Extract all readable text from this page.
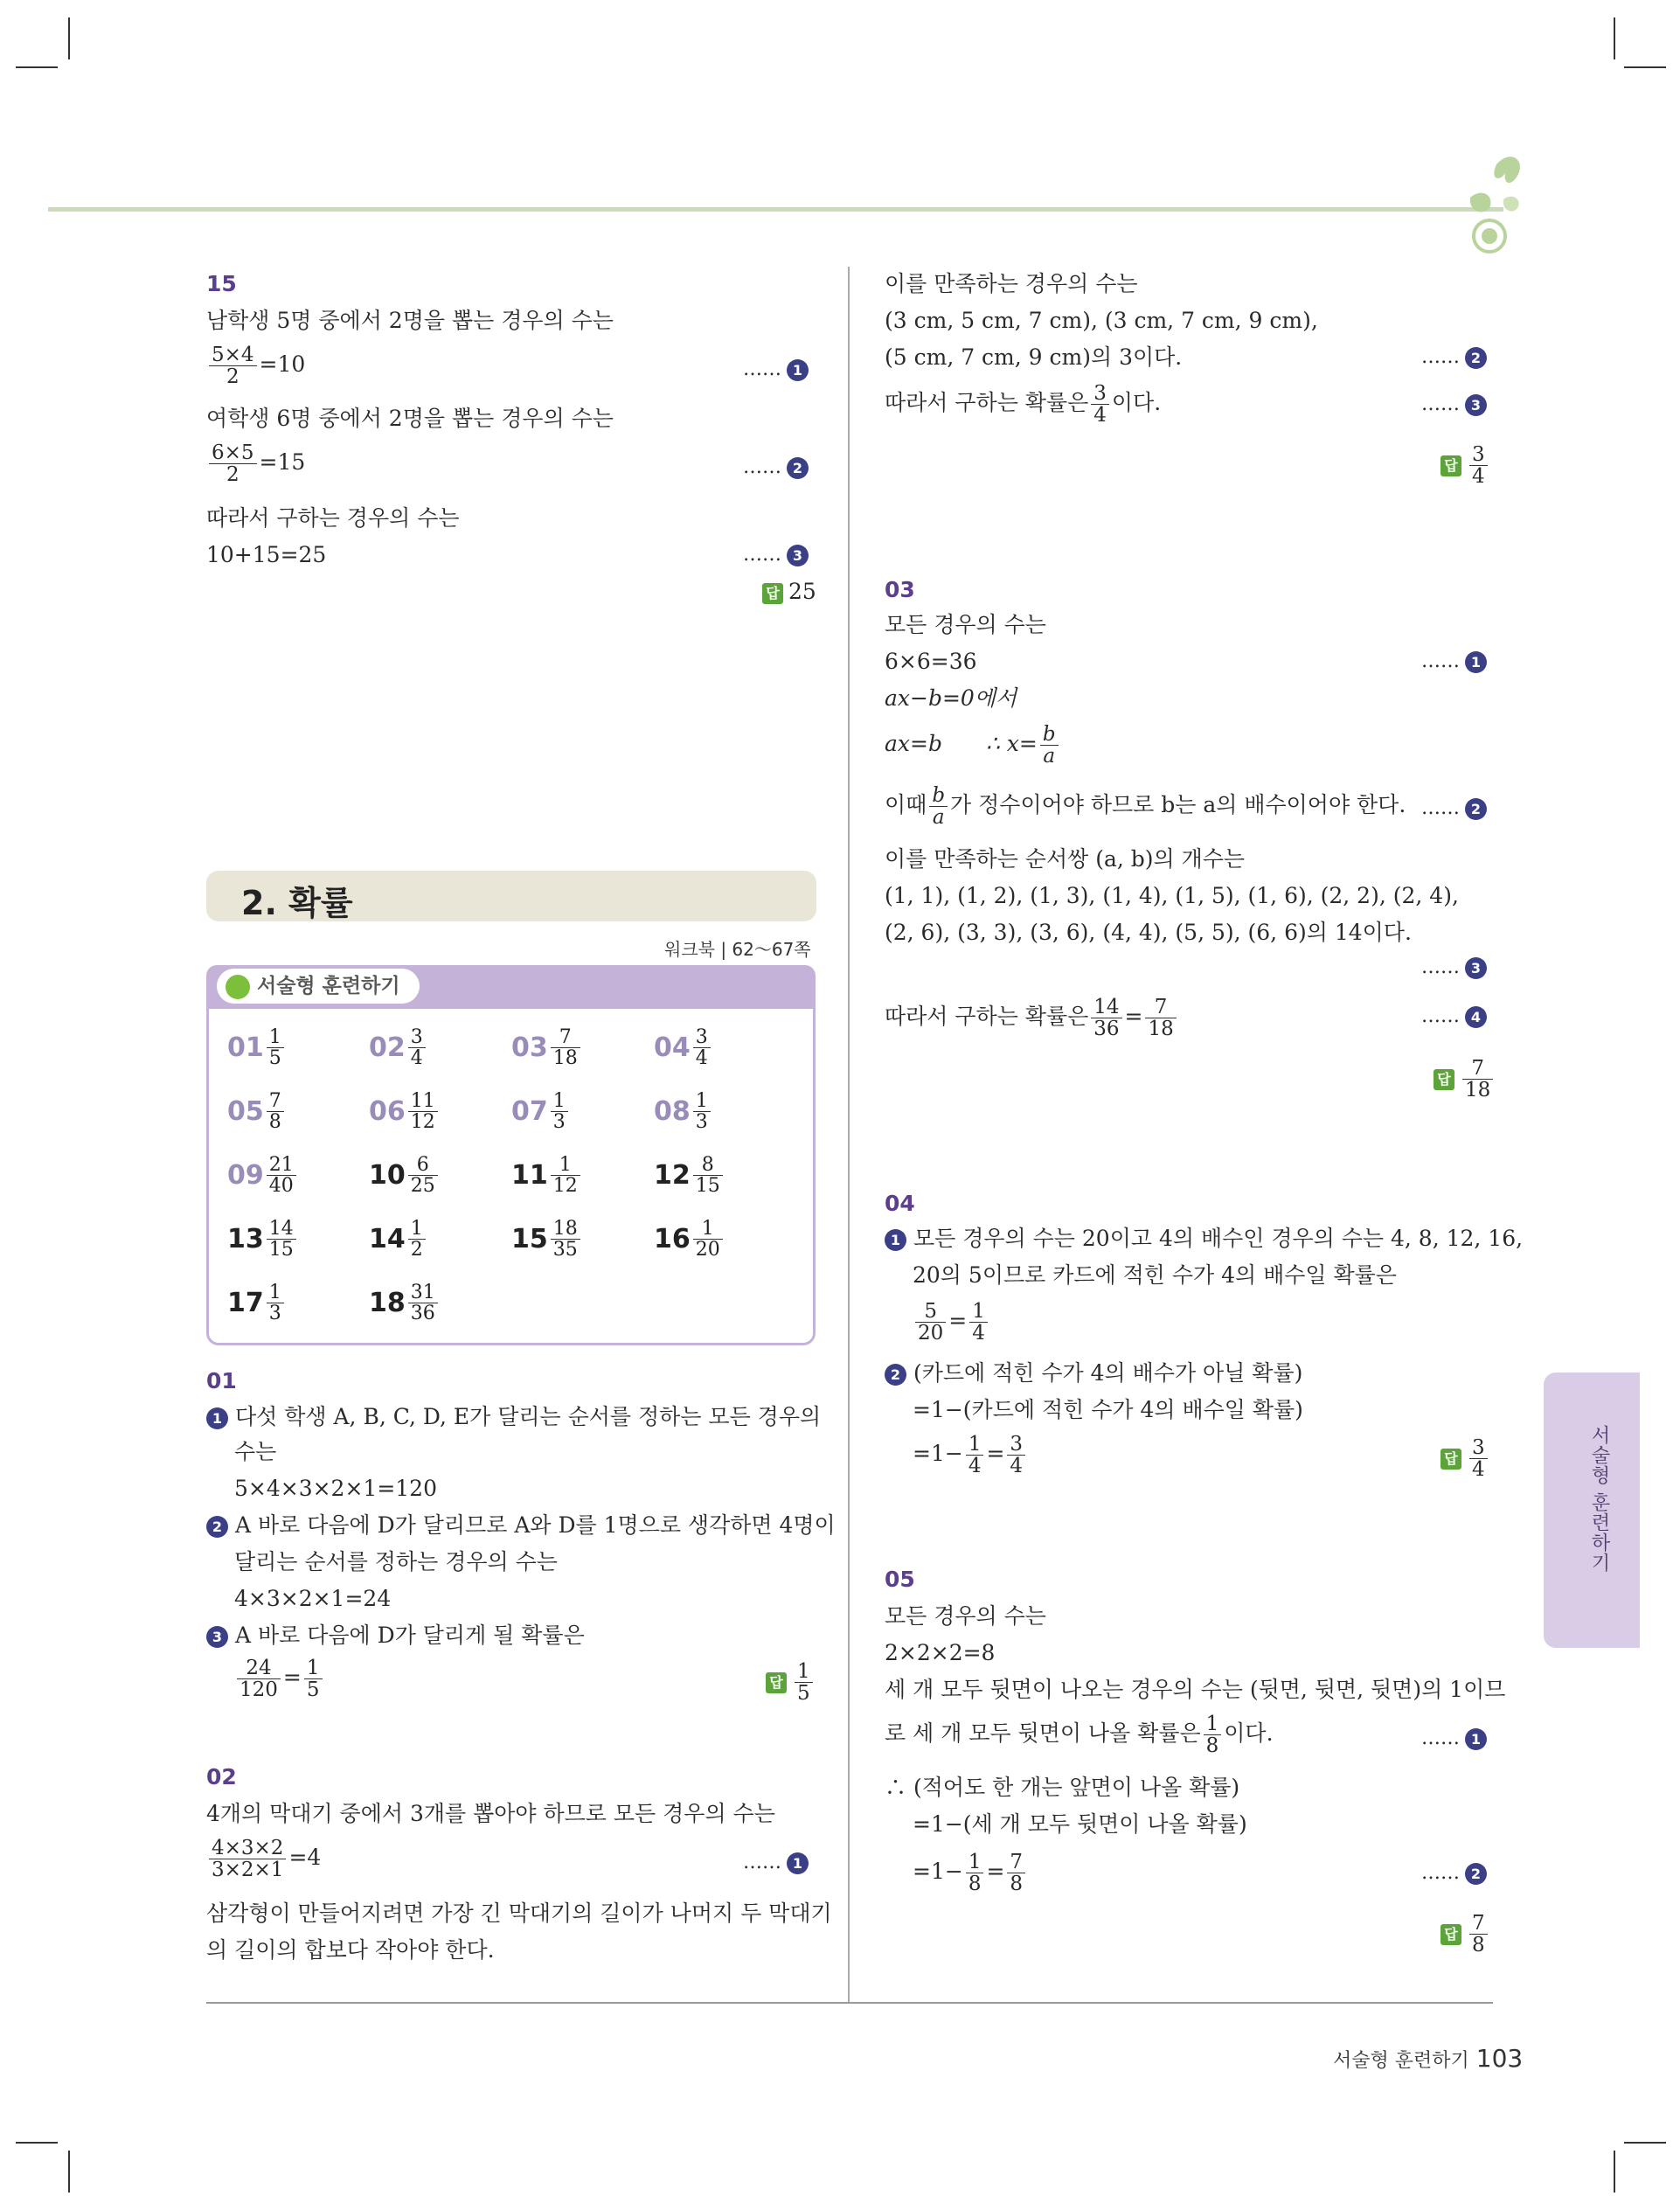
15
남학생 5명 중에서 2명을 뽑는 경우의 수는
$\frac{5\times 4}{2} =10$	…… 1
여학생 6명 중에서 2명을 뽑는 경우의 수는
$\frac{6\times 5}{2} =15$	…… 2
따라서 구하는 경우의 수는
10+15=25	…… 3
답 25
2. 확률
워크북 | 62～67쪽
서술형 훈련하기
$01 \frac{1}{5}$	$02 \frac{3}{4}$	$03 \frac{7}{18}$	$04 \frac{3}{4}$
$05 \frac{7}{8}$	$06 \frac{11}{12}$	$07 \frac{1}{3}$	$08 \frac{1}{3}$
$09 \frac{21}{40}$	$10 \frac{6}{25}$	$11 \frac{1}{12}$	$12 \frac{8}{15}$
$13 \frac{14}{15}$	$14 \frac{1}{2}$	$15 \frac{18}{35}$	$16 \frac{1}{20}$
$17 \frac{1}{3}$	$18 \frac{31}{36}$
01
1 다섯 학생 A, B, C, D, E가 달리는 순서를 정하는 모든 경우의
수는
5×4×3×2×1=120
2 A 바로 다음에 D가 달리므로 A와 D를 1명으로 생각하면 4명이
달리는 순서를 정하는 경우의 수는
4×3×2×1=24
3 A 바로 다음에 D가 달리게 될 확률은
$\frac{24}{120} = \frac{1}{5}$	답 $\frac{1}{5}$
02
4개의 막대기 중에서 3개를 뽑아야 하므로 모든 경우의 수는
$\frac{4\times 3\times 2}{3\times 2\times 1} =4$	…… 1
삼각형이 만들어지려면 가장 긴 막대기의 길이가 나머지 두 막대기
의 길이의 합보다 작아야 한다.
이를 만족하는 경우의 수는
(3 cm, 5 cm, 7 cm), (3 cm, 7 cm, 9 cm),
(5 cm, 7 cm, 9 cm)의 3이다.	…… 2
따라서 구하는 확률은 $\frac{3}{4}$ 이다.	…… 3
답 $\frac{3}{4}$
03
모든 경우의 수는
6×6=36	…… 1
ax−b=0에서
ax=b ∴ $x= \frac{b}{a}$
이때 $\frac{b}{a}$ 가 정수이어야 하므로 b는 a의 배수이어야 한다. …… 2
이를 만족하는 순서쌍 (a, b)의 개수는
(1, 1), (1, 2), (1, 3), (1, 4), (1, 5), (1, 6), (2, 2), (2, 4),
(2, 6), (3, 3), (3, 6), (4, 4), (5, 5), (6, 6)의 14이다.
…… 3
따라서 구하는 확률은 $\frac{14}{36} = \frac{7}{18}$	…… 4
답 $\frac{7}{18}$
04
1 모든 경우의 수는 20이고 4의 배수인 경우의 수는 4, 8, 12, 16,
20의 5이므로 카드에 적힌 수가 4의 배수일 확률은
$\frac{5}{20} = \frac{1}{4}$
2 (카드에 적힌 수가 4의 배수가 아닐 확률)
=1−(카드에 적힌 수가 4의 배수일 확률)
$=1- \frac{1}{4} = \frac{3}{4}$	답 $\frac{3}{4}$
05
모든 경우의 수는
2×2×2=8
세 개 모두 뒷면이 나오는 경우의 수는 (뒷면, 뒷면, 뒷면)의 1이므
로 세 개 모두 뒷면이 나올 확률은 $\frac{1}{8}$ 이다.	…… 1
∴ (적어도 한 개는 앞면이 나올 확률)
=1−(세 개 모두 뒷면이 나올 확률)
$=1- \frac{1}{8} = \frac{7}{8}$	…… 2
답 $\frac{7}{8}$
서술형 훈련하기
서술형 훈련하기 103
